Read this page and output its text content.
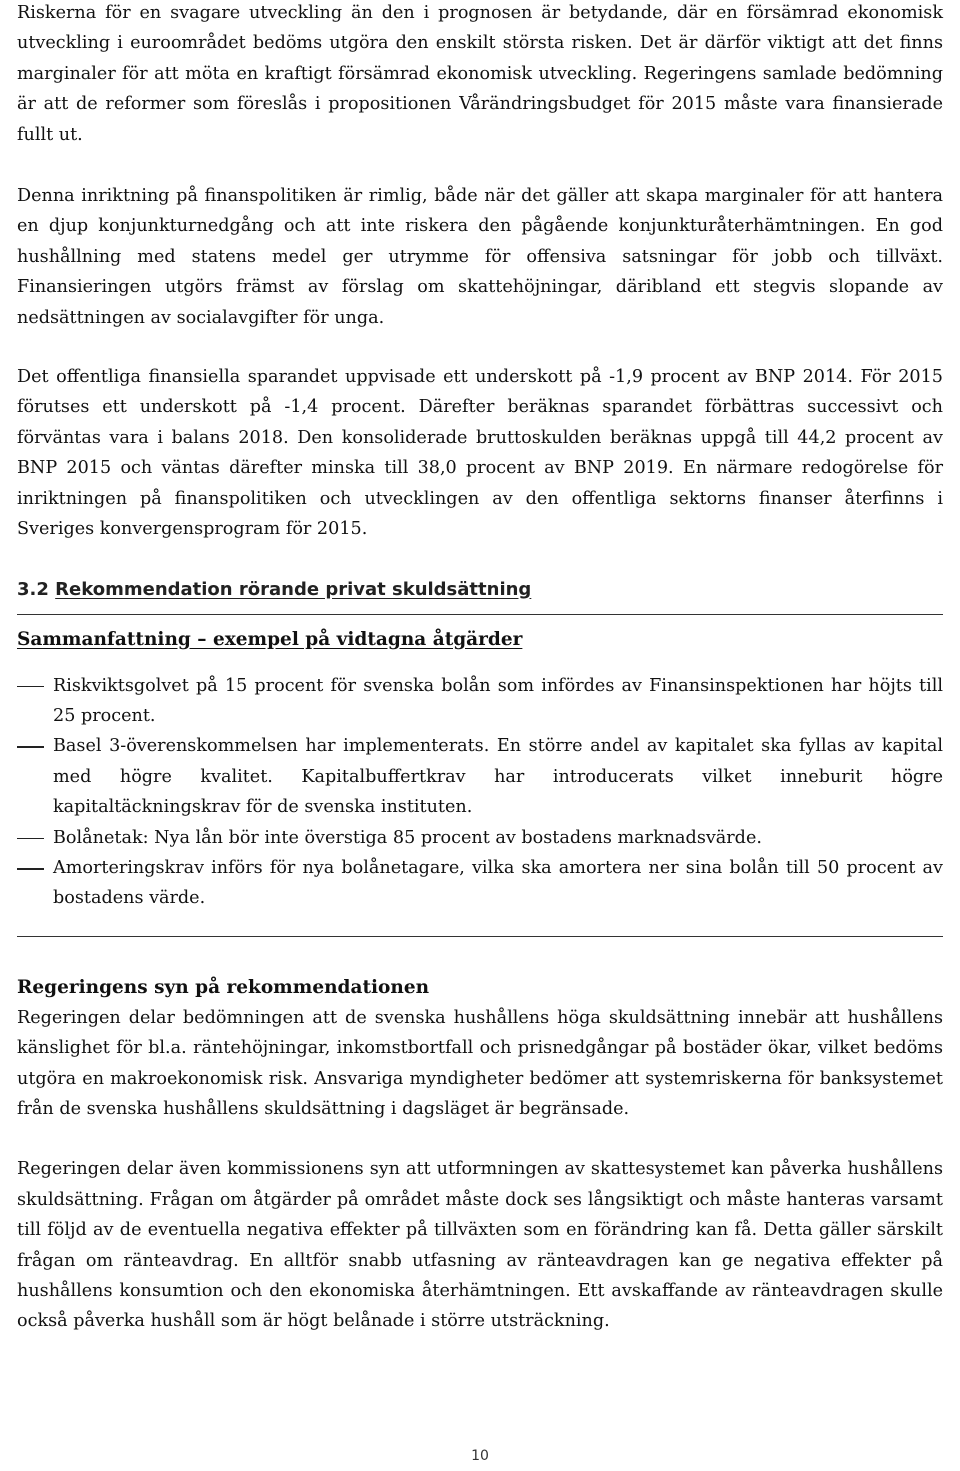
Riskerna för en svagare utveckling än den i prognosen är betydande, där en försämrad ekonomisk utveckling i euroområdet bedöms utgöra den enskilt största risken. Det är därför viktigt att det finns marginaler för att möta en kraftigt försämrad ekonomisk utveckling. Regeringens samlade bedömning är att de reformer som föreslås i propositionen Vårändringsbudget för 2015 måste vara finansierade fullt ut.

Denna inriktning på finanspolitiken är rimlig, både när det gäller att skapa marginaler för att hantera en djup konjunkturnedgång och att inte riskera den pågående konjunkturåterhämtningen. En god hushållning med statens medel ger utrymme för offensiva satsningar för jobb och tillväxt. Finansieringen utgörs främst av förslag om skattehöjningar, däribland ett stegvis slopande av nedsättningen av socialavgifter för unga.

Det offentliga finansiella sparandet uppvisade ett underskott på -1,9 procent av BNP 2014. För 2015 förutses ett underskott på -1,4 procent. Därefter beräknas sparandet förbättras successivt och förväntas vara i balans 2018. Den konsoliderade bruttoskulden beräknas uppgå till 44,2 procent av BNP 2015 och väntas därefter minska till 38,0 procent av BNP 2019. En närmare redogörelse för inriktningen på finanspolitiken och utvecklingen av den offentliga sektorns finanser återfinns i Sveriges konvergensprogram för 2015.

3.2 Rekommendation rörande privat skuldsättning
Sammanfattning – exempel på vidtagna åtgärder
Riskviktsgolvet på 15 procent för svenska bolån som infördes av Finansinspektionen har höjts till 25 procent.
Basel 3-överenskommelsen har implementerats. En större andel av kapitalet ska fyllas av kapital med högre kvalitet. Kapitalbuffertkrav har introducerats vilket inneburit högre kapitaltäckningskrav för de svenska instituten.
Bolånetak: Nya lån bör inte överstiga 85 procent av bostadens marknadsvärde.
Amorteringskrav införs för nya bolånetagare, vilka ska amortera ner sina bolån till 50 procent av bostadens värde.
Regeringens syn på rekommendationen

Regeringen delar bedömningen att de svenska hushållens höga skuldsättning innebär att hushållens känslighet för bl.a. räntehöjningar, inkomstbortfall och prisnedgångar på bostäder ökar, vilket bedöms utgöra en makroekonomisk risk. Ansvariga myndigheter bedömer att systemriskerna för banksystemet från de svenska hushållens skuldsättning i dagsläget är begränsade.

Regeringen delar även kommissionens syn att utformningen av skattesystemet kan påverka hushållens skuldsättning. Frågan om åtgärder på området måste dock ses långsiktigt och måste hanteras varsamt till följd av de eventuella negativa effekter på tillväxten som en förändring kan få. Detta gäller särskilt frågan om ränteavdrag. En alltför snabb utfasning av ränteavdragen kan ge negativa effekter på hushållens konsumtion och den ekonomiska återhämtningen. Ett avskaffande av ränteavdragen skulle också påverka hushåll som är högt belånade i större utsträckning.

10
